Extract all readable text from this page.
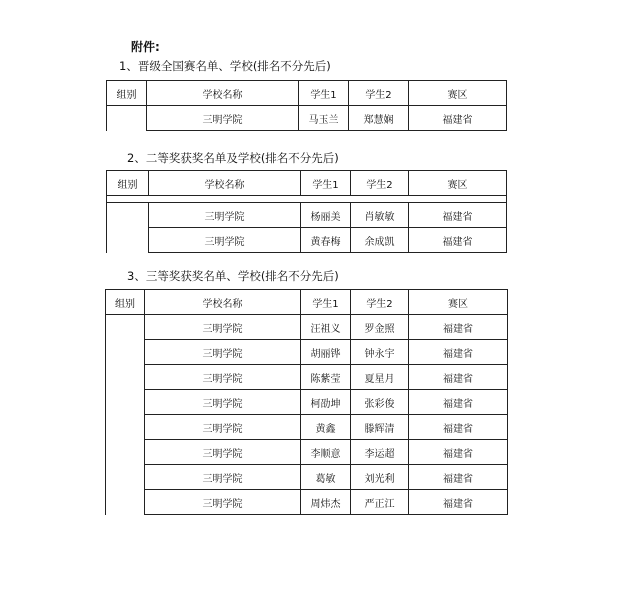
附件:
1、晋级全国赛名单、学校(排名不分先后)
组别	学校名称	学生1	学生2	赛区
	三明学院	马玉兰	郑慧娴	福建省
2、二等奖获奖名单及学校(排名不分先后)
组别	学校名称	学生1	学生2	赛区

	三明学院	杨丽美	肖敏敏	福建省
	三明学院	黄春梅	余成凯	福建省
3、三等奖获奖名单、学校(排名不分先后)
组别	学校名称	学生1	学生2	赛区
	三明学院	汪祖义	罗金照	福建省
	三明学院	胡丽铧	钟永宇	福建省
	三明学院	陈紫莹	夏星月	福建省
	三明学院	柯劭坤	张彩俊	福建省
	三明学院	黄鑫	滕辉清	福建省
	三明学院	李顺意	李运超	福建省
	三明学院	葛敏	刘光利	福建省
	三明学院	周炜杰	严正江	福建省
